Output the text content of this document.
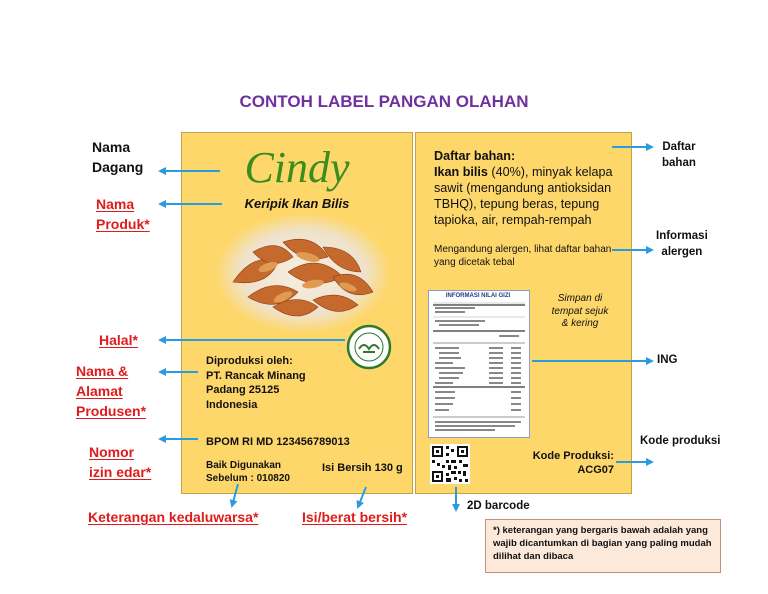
CONTOH LABEL PANGAN OLAHAN
Cindy
Keripik Ikan Bilis
Diproduksi oleh:
PT. Rancak Minang
Padang 25125
Indonesia
BPOM RI MD 123456789013
Baik Digunakan
Sebelum : 010820
Isi Bersih 130 g
Daftar bahan:
Ikan bilis (40%), minyak kelapa sawit (mengandung antioksidan TBHQ), tepung beras, tepung tapioka, air, rempah-rempah
Mengandung alergen, lihat daftar bahan yang dicetak tebal
INFORMASI NILAI GIZI	Simpan di
tempat sejuk
& kering
Kode Produksi:
ACG07
Nama
Dagang
Nama
Produk*
Halal*
Nama &
Alamat
Produsen*
Nomor
izin edar*
Keterangan kedaluwarsa*	Isi/berat bersih*
Daftar
bahan
Informasi
alergen
ING
Kode produksi
2D barcode
*) keterangan yang bergaris bawah adalah yang wajib dicantumkan di bagian yang paling mudah dilihat dan dibaca
